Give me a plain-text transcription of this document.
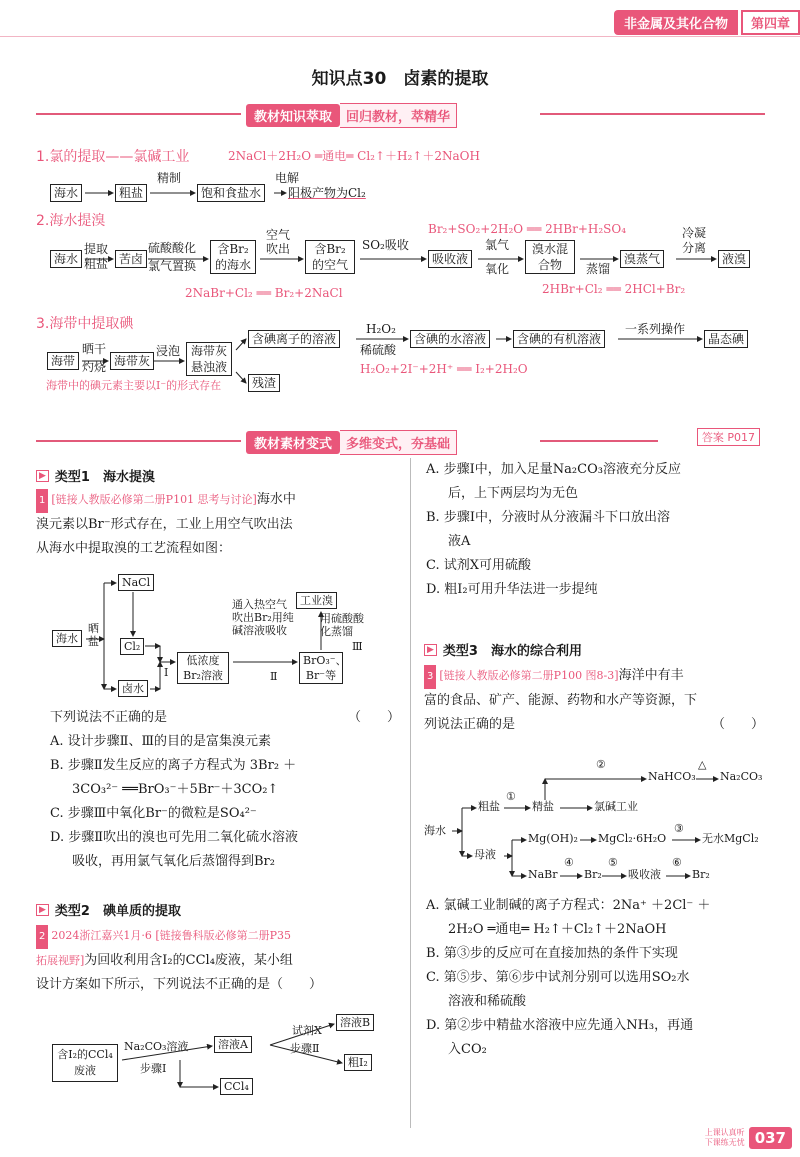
非金属及其化合物	第四章
知识点30　卤素的提取
教材知识萃取	回归教材，萃精华
1.氯的提取——氯碱工业	2NaCl＋2H₂O ═通电═ Cl₂↑＋H₂↑＋2NaOH
海水	粗盐	饱和食盐水	阳极产物为Cl₂
精制	电解
2.海水提溴	Br₂+SO₂+2H₂O ══ 2HBr+H₂SO₄
海水	苦卤
含Br₂的海水
含Br₂的空气	吸收液
溴水混合物	溴蒸气	液溴
提取粗盐
硫酸酸化
氯气置换
空气吹出	SO₂吸收	氯气
氧化	蒸馏
冷凝
分离
2NaBr+Cl₂ ══ Br₂+2NaCl	2HBr+Cl₂ ══ 2HCl+Br₂
3.海带中提取碘
海带	海带灰
海带灰悬浊液
含碘离子的溶液
残渣
含碘的水溶液	含碘的有机溶液	晶态碘
晒干
灼烧
浸泡
H₂O₂
稀硫酸
一系列操作
H₂O₂+2I⁻+2H⁺ ══ I₂+2H₂O
海带中的碘元素主要以I⁻的形式存在
教材素材变式	多维变式，夯基础	答案 P017
▶ 类型1　海水提溴
1 [链接人教版必修第二册P101 思考与讨论]海水中
溴元素以Br⁻形式存在，工业上用空气吹出法
从海水中提取溴的工艺流程如图：
NaCl
Cl₂
卤水
低浓度Br₂溶液
工业溴
BrO₃⁻、Br⁻等
海水
晒盐
Ⅰ	Ⅱ
通入热空气吹出Br₂用纯碱溶液吸收
用硫酸酸化蒸馏
Ⅲ
下列说法不正确的是	（　　）
A. 设计步骤Ⅱ、Ⅲ的目的是富集溴元素
B. 步骤Ⅱ发生反应的离子方程式为 3Br₂ ＋
3CO₃²⁻ ══BrO₃⁻＋5Br⁻＋3CO₂↑
C. 步骤Ⅲ中氧化Br⁻的微粒是SO₄²⁻
D. 步骤Ⅱ吹出的溴也可先用二氧化硫水溶液
吸收，再用氯气氧化后蒸馏得到Br₂
▶ 类型2　碘单质的提取
2 2024浙江嘉兴1月·6 [链接鲁科版必修第二册P35
拓展视野]为回收利用含I₂的CCl₄废液，某小组
设计方案如下所示，下列说法不正确的是（　　）
含I₂的CCl₄废液
溶液A
溶液B
粗I₂
CCl₄
Na₂CO₃溶液
步骤Ⅰ
试剂X
步骤Ⅱ
A. 步骤Ⅰ中，加入足量Na₂CO₃溶液充分反应
后，上下两层均为无色
B. 步骤Ⅰ中，分液时从分液漏斗下口放出溶
液A
C. 试剂X可用硫酸
D. 粗I₂可用升华法进一步提纯
▶ 类型3　海水的综合利用
3 [链接人教版必修第二册P100 图8-3]海洋中有丰
富的食品、矿产、能源、药物和水产等资源，下
列说法正确的是	（　　）
海水
粗盐
①
精盐	氯碱工业
②
NaHCO₃
△
Na₂CO₃
母液
Mg(OH)₂ MgCl₂·6H₂O
③
无水MgCl₂
NaBr
④
Br₂
⑤
吸收液
⑥
Br₂
A. 氯碱工业制碱的离子方程式：2Na⁺ ＋2Cl⁻ ＋
2H₂O ═通电═ H₂↑＋Cl₂↑＋2NaOH
B. 第③步的反应可在直接加热的条件下实现
C. 第⑤步、第⑥步中试剂分别可以选用SO₂水
溶液和稀硫酸
D. 第②步中精盐水溶液中应先通入NH₃，再通
入CO₂
上课认真听
下课练无忧 037
